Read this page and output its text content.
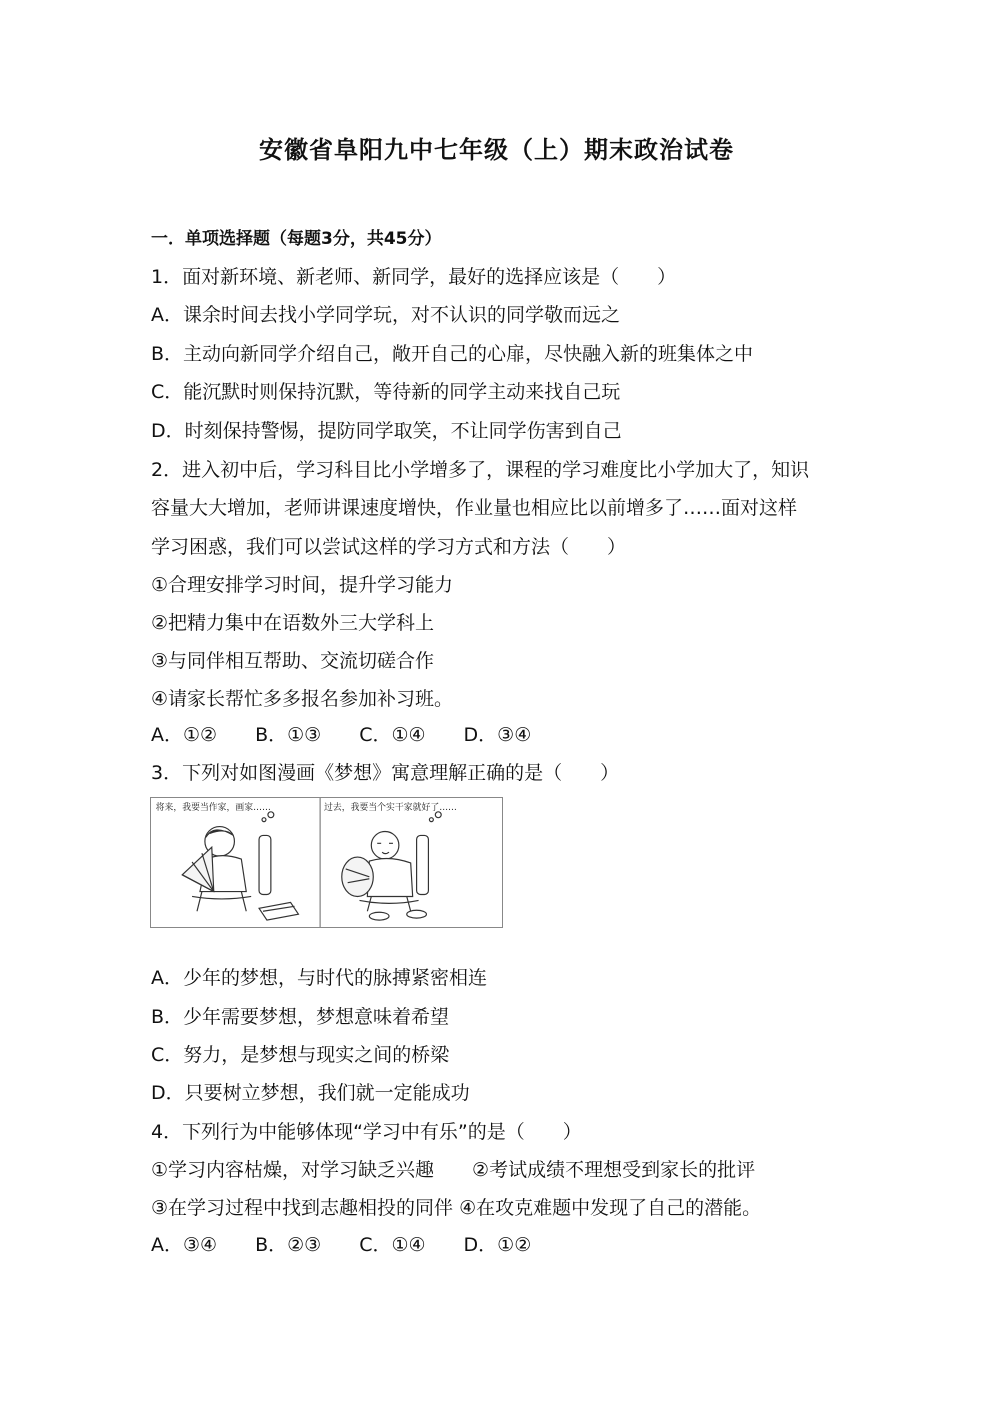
安徽省阜阳九中七年级（上）期末政治试卷
一．单项选择题（每题3分，共45分）
1．面对新环境、新老师、新同学，最好的选择应该是（　　）
A．课余时间去找小学同学玩，对不认识的同学敬而远之
B．主动向新同学介绍自己，敞开自己的心扉，尽快融入新的班集体之中
C．能沉默时则保持沉默，等待新的同学主动来找自己玩
D．时刻保持警惕，提防同学取笑，不让同学伤害到自己
2．进入初中后，学习科目比小学增多了，课程的学习难度比小学加大了，知识
容量大大增加，老师讲课速度增快，作业量也相应比以前增多了……面对这样
学习困惑，我们可以尝试这样的学习方式和方法（　　）
①合理安排学习时间，提升学习能力
②把精力集中在语数外三大学科上
③与同伴相互帮助、交流切磋合作
④请家长帮忙多多报名参加补习班。
A．①② B．①③ C．①④ D．③④
3．下列对如图漫画《梦想》寓意理解正确的是（　　）
将来，我要当作家，画家……	过去，我要当个实干家就好了……
A．少年的梦想，与时代的脉搏紧密相连
B．少年需要梦想，梦想意味着希望
C．努力，是梦想与现实之间的桥梁
D．只要树立梦想，我们就一定能成功
4．下列行为中能够体现“学习中有乐”的是（　　）
①学习内容枯燥，对学习缺乏兴趣　　②考试成绩不理想受到家长的批评
③在学习过程中找到志趣相投的同伴 ④在攻克难题中发现了自己的潜能。
A．③④ B．②③ C．①④ D．①②
